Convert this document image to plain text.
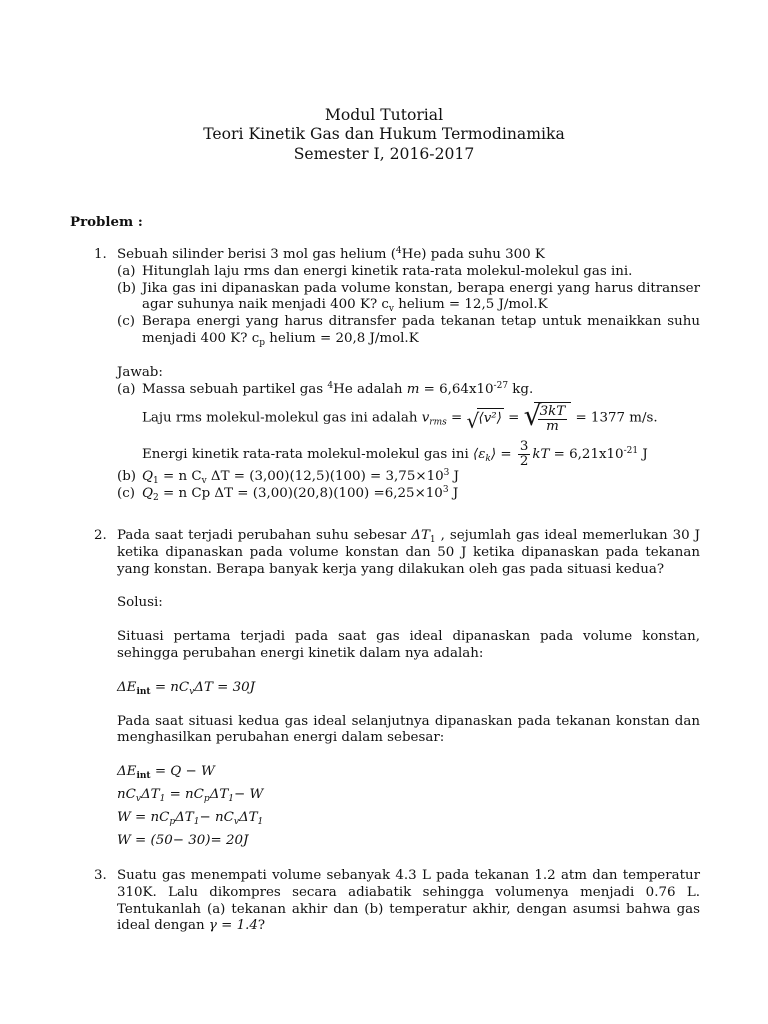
Modul Tutorial
Teori Kinetik Gas dan Hukum Termodinamika
Semester I, 2016-2017
Problem :
1. Sebuah silinder berisi 3 mol gas helium ($^4$He) pada suhu 300 K
(a) Hitunglah laju rms dan energi kinetik rata-rata molekul-molekul gas ini.
(b) Jika gas ini dipanaskan pada volume konstan, berapa energi yang harus ditranser agar suhunya naik menjadi 400 K? $c_v$ helium = 12,5 J/mol.K
(c) Berapa energi yang harus ditransfer pada tekanan tetap untuk menaikkan suhu menjadi 400 K? $c_p$ helium = 20,8 J/mol.K
Jawab:
(a) Massa sebuah partikel gas $^4$He adalah $m = 6,64x10^{-27}$ kg.
Laju rms molekul-molekul gas ini adalah $v_{rms}$ = √ ⟨v²⟩ = √
$\frac{3kT}{m} = 1377$ m/s.
Energi kinetik rata-rata molekul-molekul gas ini $⟨\varepsilon_k⟩ = \frac{3}{2}$ kT = $6,21x10^{-21}$ J
(b) $Q_1 = n$ $C_v$ $\Delta T = (3,00)(12,5)(100) = 3,75\times 10^3$ J
(c) $Q_2 = n$ Cp $\Delta T = (3,00)(20,8)(100) =6,25\times 10^3$ J
2. Pada saat terjadi perubahan suhu sebesar $\Delta T_1$ , sejumlah gas ideal memerlukan 30 J ketika dipanaskan pada volume konstan dan 50 J ketika dipanaskan pada tekanan yang konstan. Berapa banyak kerja yang dilakukan oleh gas pada situasi kedua?
Solusi:
Situasi pertama terjadi pada saat gas ideal dipanaskan pada volume konstan, sehingga perubahan energi kinetik dalam nya adalah:
$\Delta E_{int} = nC_v\Delta T = 30J$
Pada saat situasi kedua gas ideal selanjutnya dipanaskan pada tekanan konstan dan menghasilkan perubahan energi dalam sebesar:
$\Delta E_{int} = Q - W$
$nC_v\Delta T_1 = nC_p\Delta T_1- W$
$W = nC_p\Delta T_1- nC_v\Delta T_1$
W = (50− 30)= 20J
3. Suatu gas menempati volume sebanyak 4.3 L pada tekanan 1.2 atm dan temperatur 310K. Lalu dikompres secara adiabatik sehingga volumenya menjadi 0.76 L. Tentukanlah (a) tekanan akhir dan (b) temperatur akhir, dengan asumsi bahwa gas ideal dengan γ = 1.4?
